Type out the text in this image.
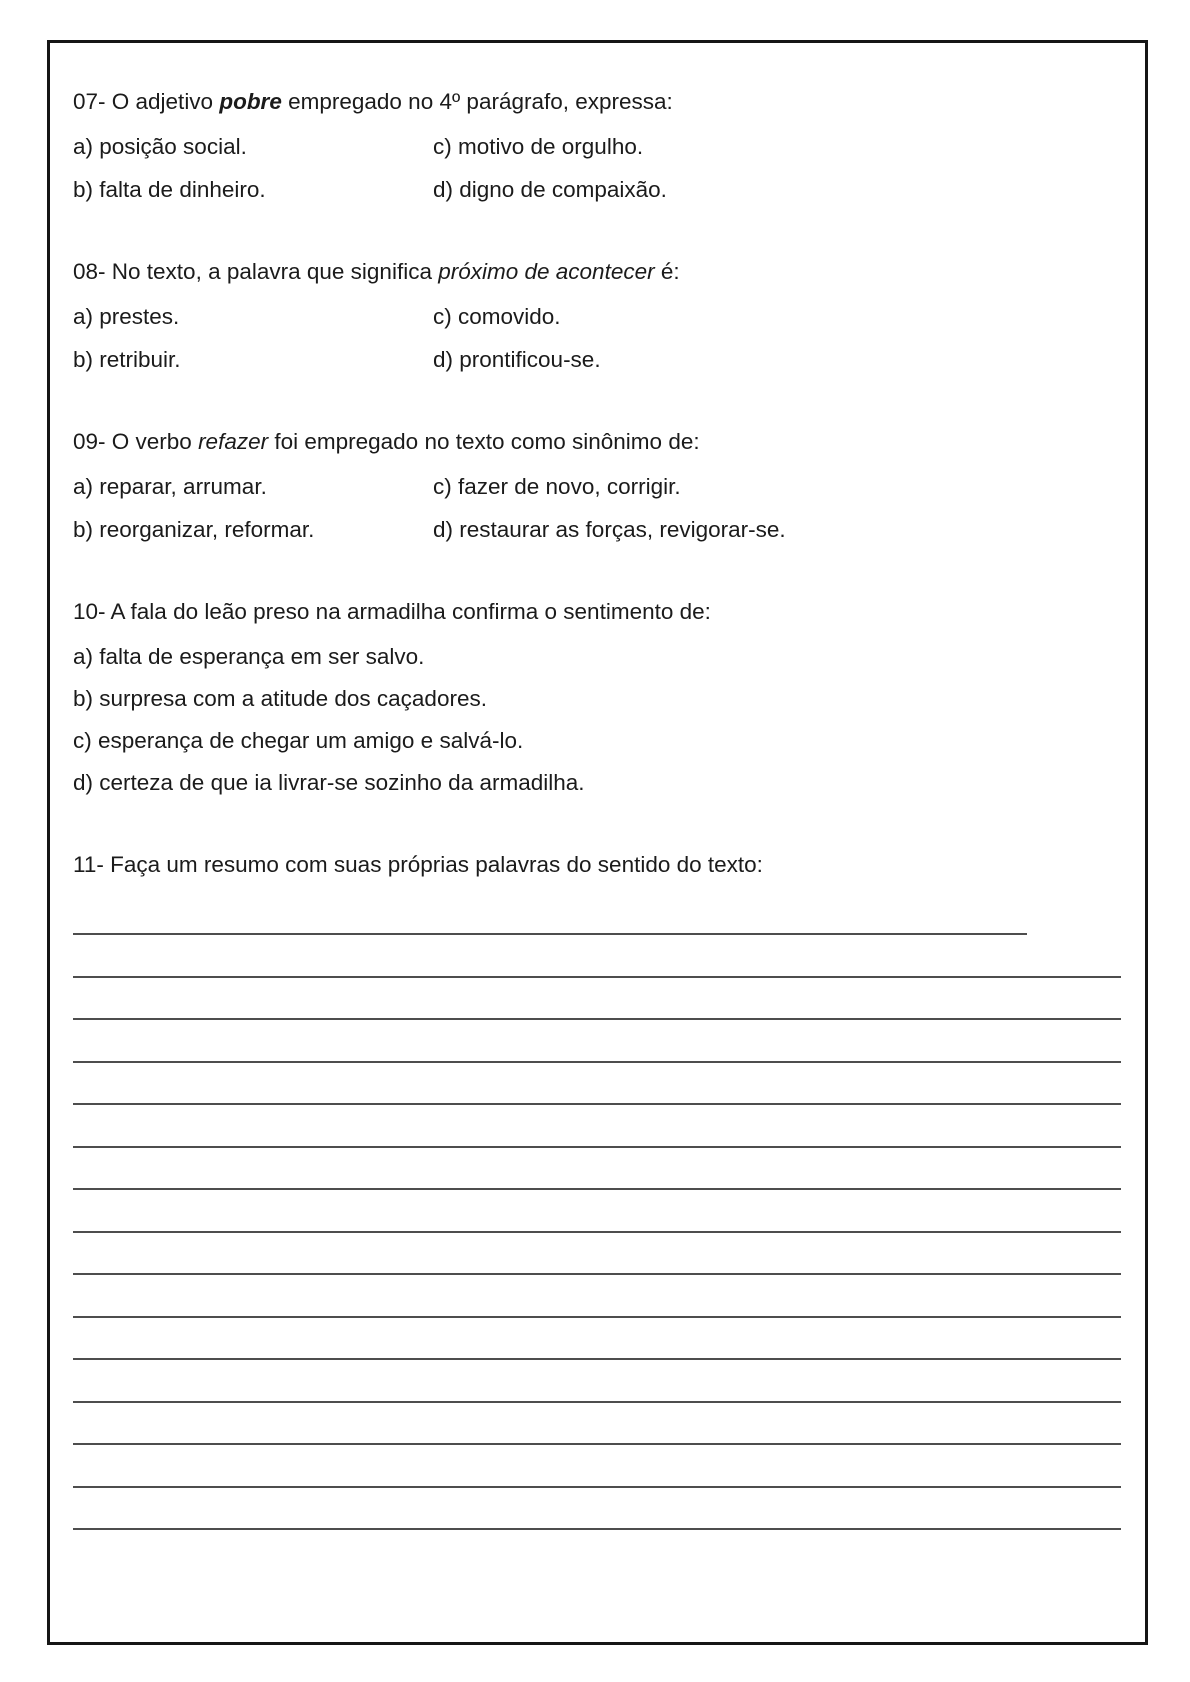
07- O adjetivo pobre empregado no 4º parágrafo, expressa:

a) posição social.	c) motivo de orgulho.
b) falta de dinheiro.	d) digno de compaixão.

08- No texto, a palavra que significa próximo de acontecer é:

a) prestes.	c) comovido.
b) retribuir.	d) prontificou-se.

09- O verbo refazer foi empregado no texto como sinônimo de:

a) reparar, arrumar.	c) fazer de novo, corrigir.
b) reorganizar, reformar.	d) restaurar as forças, revigorar-se.

10- A fala do leão preso na armadilha confirma o sentimento de:

a) falta de esperança em ser salvo.
b) surpresa com a atitude dos caçadores.
c) esperança de chegar um amigo e salvá-lo.
d) certeza de que ia livrar-se sozinho da armadilha.

11- Faça um resumo com suas próprias palavras do sentido do texto:
